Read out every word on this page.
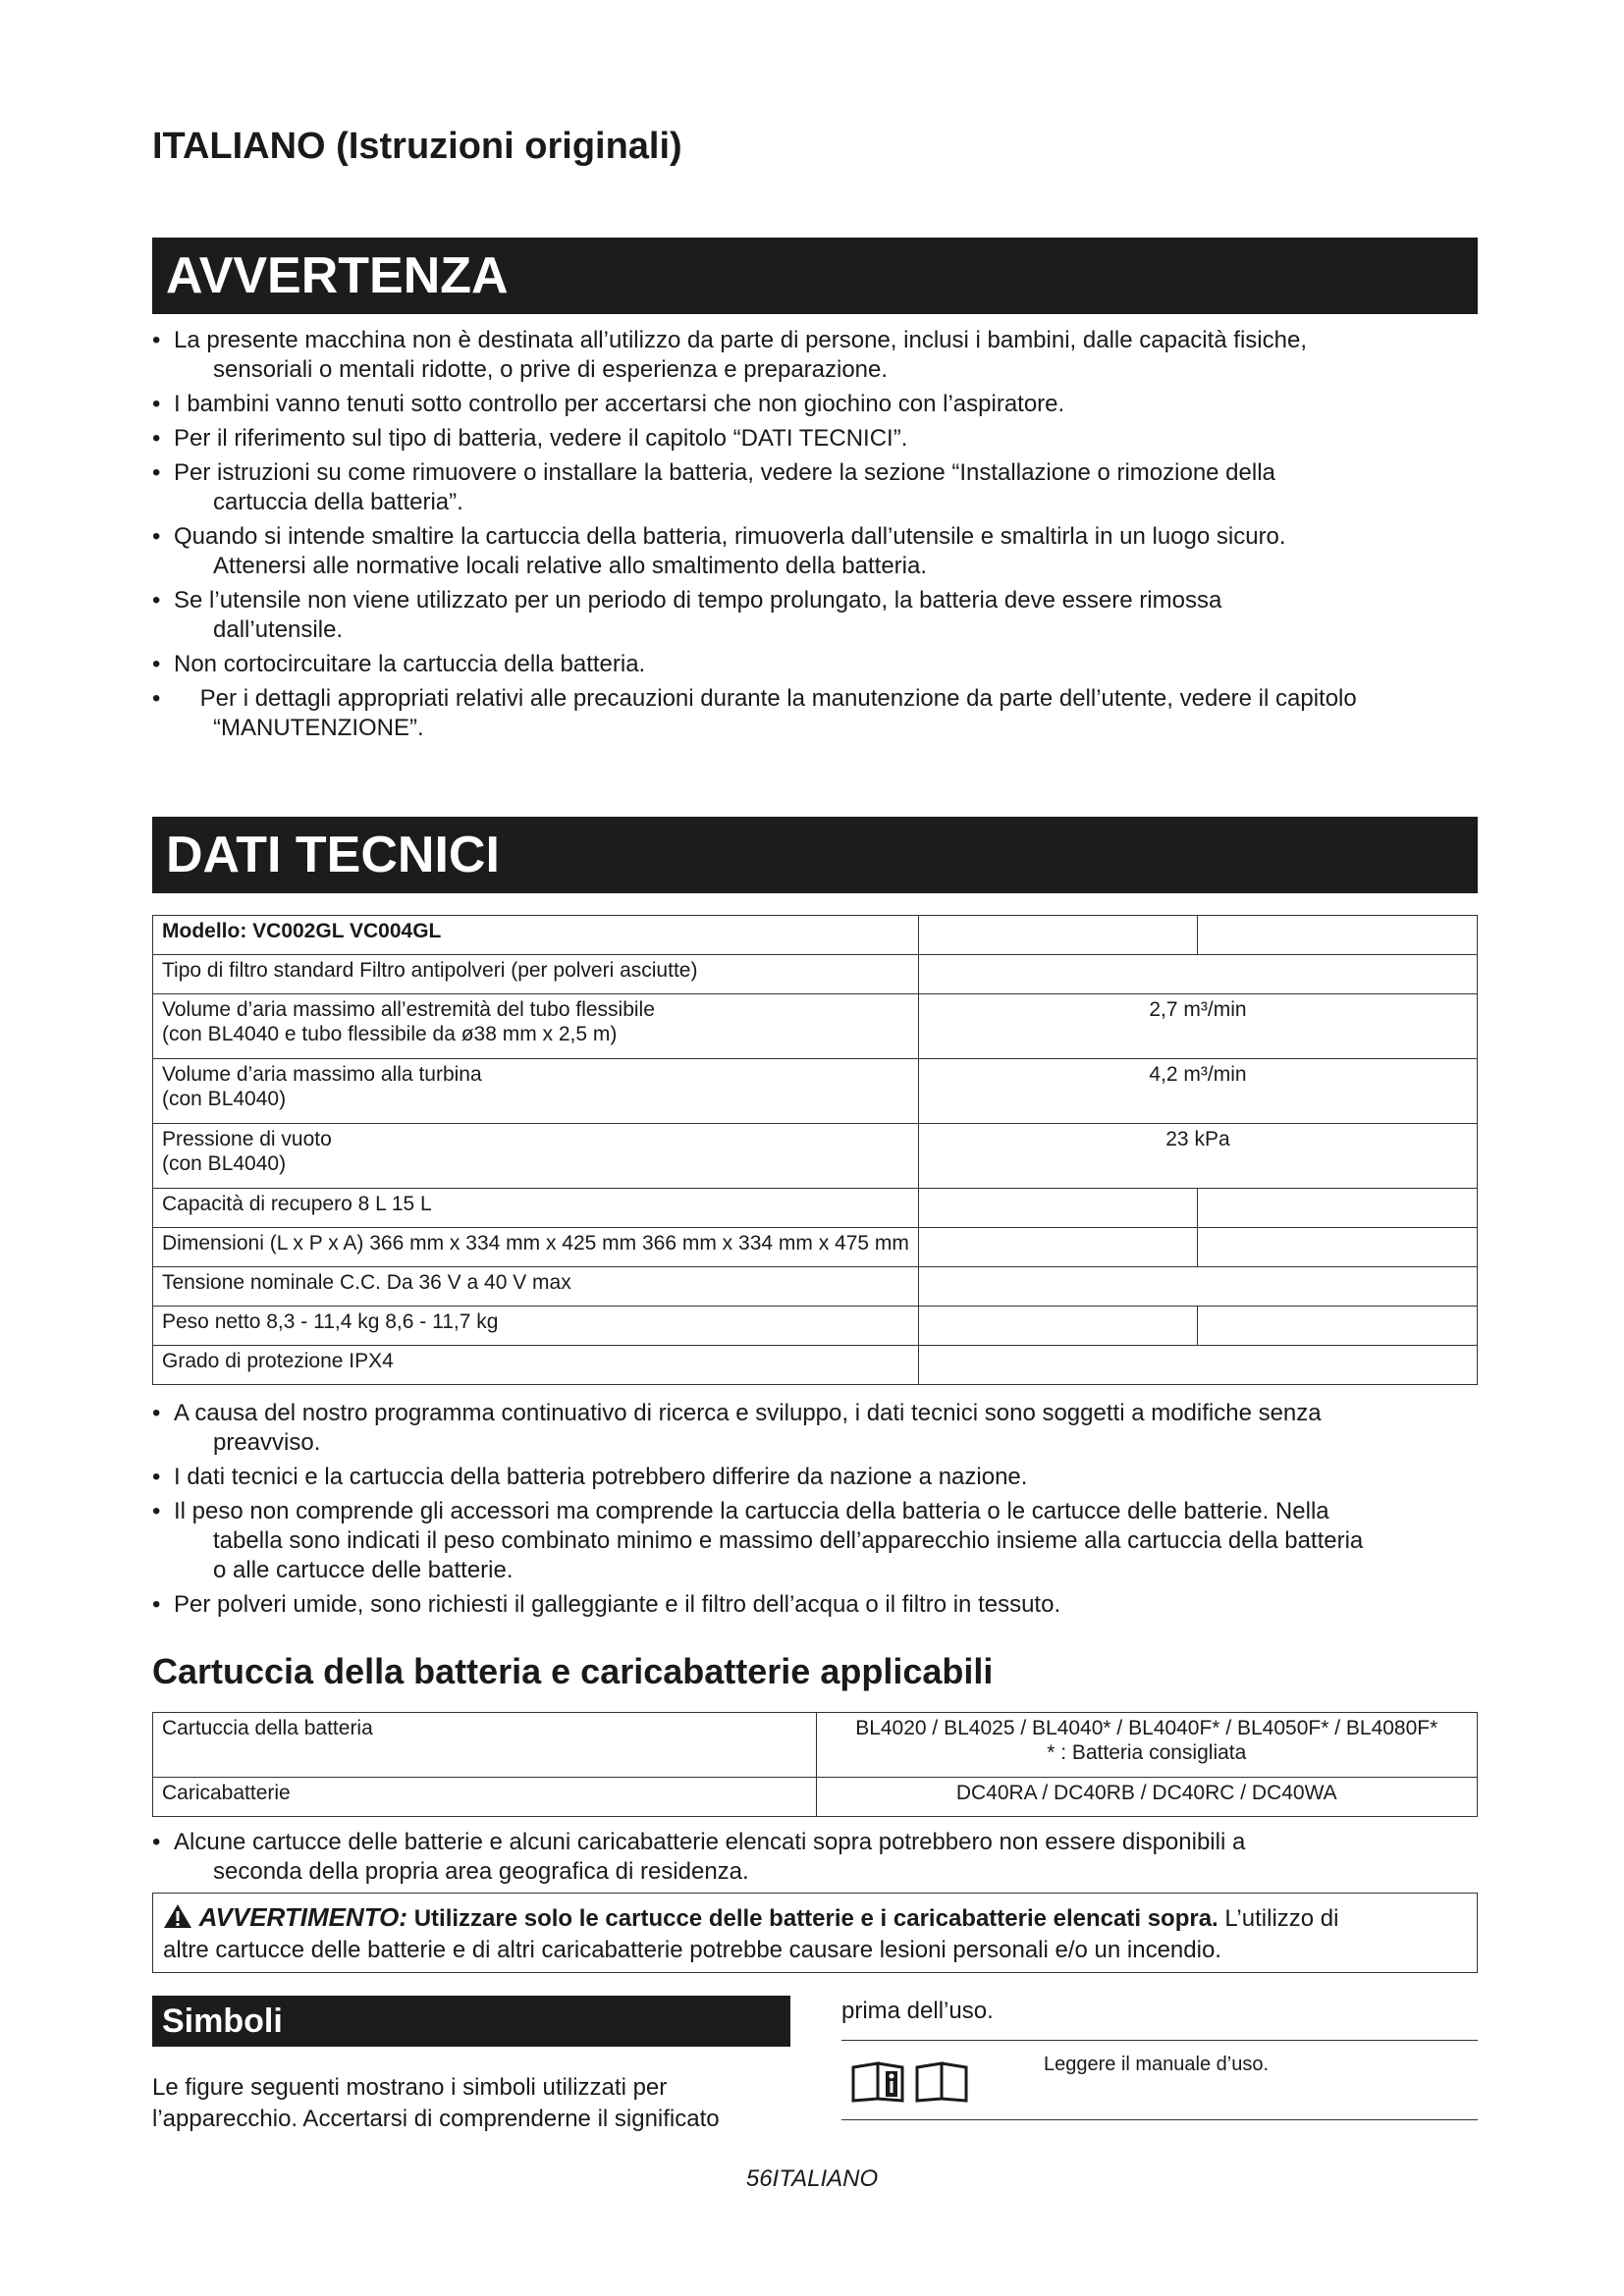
ITALIANO (Istruzioni originali)
AVVERTENZA
• La presente macchina non è destinata all’utilizzo da parte di persone, inclusi i bambini, dalle capacità fisiche,
sensoriali o mentali ridotte, o prive di esperienza e preparazione.
• I bambini vanno tenuti sotto controllo per accertarsi che non giochino con l’aspiratore.
• Per il riferimento sul tipo di batteria, vedere il capitolo “DATI TECNICI”.
• Per istruzioni su come rimuovere o installare la batteria, vedere la sezione “Installazione o rimozione della
cartuccia della batteria”.
• Quando si intende smaltire la cartuccia della batteria, rimuoverla dall’utensile e smaltirla in un luogo sicuro.
Attenersi alle normative locali relative allo smaltimento della batteria.
• Se l’utensile non viene utilizzato per un periodo di tempo prolungato, la batteria deve essere rimossa
dall’utensile.
• Non cortocircuitare la cartuccia della batteria.
• Per i dettagli appropriati relativi alle precauzioni durante la manutenzione da parte dell’utente, vedere il capitolo
“MANUTENZIONE”.
DATI TECNICI
Modello: VC002GL VC004GL		
Tipo di filtro standard Filtro antipolveri (per polveri asciutte)		

Volume d’aria massimo all’estremità del tubo flessibile
(con BL4040 e tubo flessibile da ø38 mm x 2,5 m)	2,7 m³/min	

Volume d’aria massimo alla turbina
(con BL4040)	4,2 m³/min	

Pressione di vuoto
(con BL4040)	23 kPa	
Capacità di recupero 8 L 15 L		
Dimensioni (L x P x A) 366 mm x 334 mm x 425 mm 366 mm x 334 mm x 475 mm		
Tensione nominale C.C. Da 36 V a 40 V max		
Peso netto 8,3 - 11,4 kg 8,6 - 11,7 kg		
Grado di protezione IPX4		
• A causa del nostro programma continuativo di ricerca e sviluppo, i dati tecnici sono soggetti a modifiche senza
preavviso.
• I dati tecnici e la cartuccia della batteria potrebbero differire da nazione a nazione.
• Il peso non comprende gli accessori ma comprende la cartuccia della batteria o le cartucce delle batterie. Nella
tabella sono indicati il peso combinato minimo e massimo dell’apparecchio insieme alla cartuccia della batteria
o alle cartucce delle batterie.
• Per polveri umide, sono richiesti il galleggiante e il filtro dell’acqua o il filtro in tessuto.
Cartuccia della batteria e caricabatterie applicabili
Cartuccia della batteria	BL4020 / BL4025 / BL4040* / BL4040F* / BL4050F* / BL4080F*
* : Batteria consigliata

Caricabatterie	DC40RA / DC40RB / DC40RC / DC40WA
• Alcune cartucce delle batterie e alcuni caricabatterie elencati sopra potrebbero non essere disponibili a
seconda della propria area geografica di residenza.
AVVERTIMENTO: Utilizzare solo le cartucce delle batterie e i caricabatterie elencati sopra. L’utilizzo di
altre cartucce delle batterie e di altri caricabatterie potrebbe causare lesioni personali e/o un incendio.
Simboli
Le figure seguenti mostrano i simboli utilizzati per
l’apparecchio. Accertarsi di comprenderne il significato
prima dell’uso.
Leggere il manuale d’uso.
56ITALIANO
